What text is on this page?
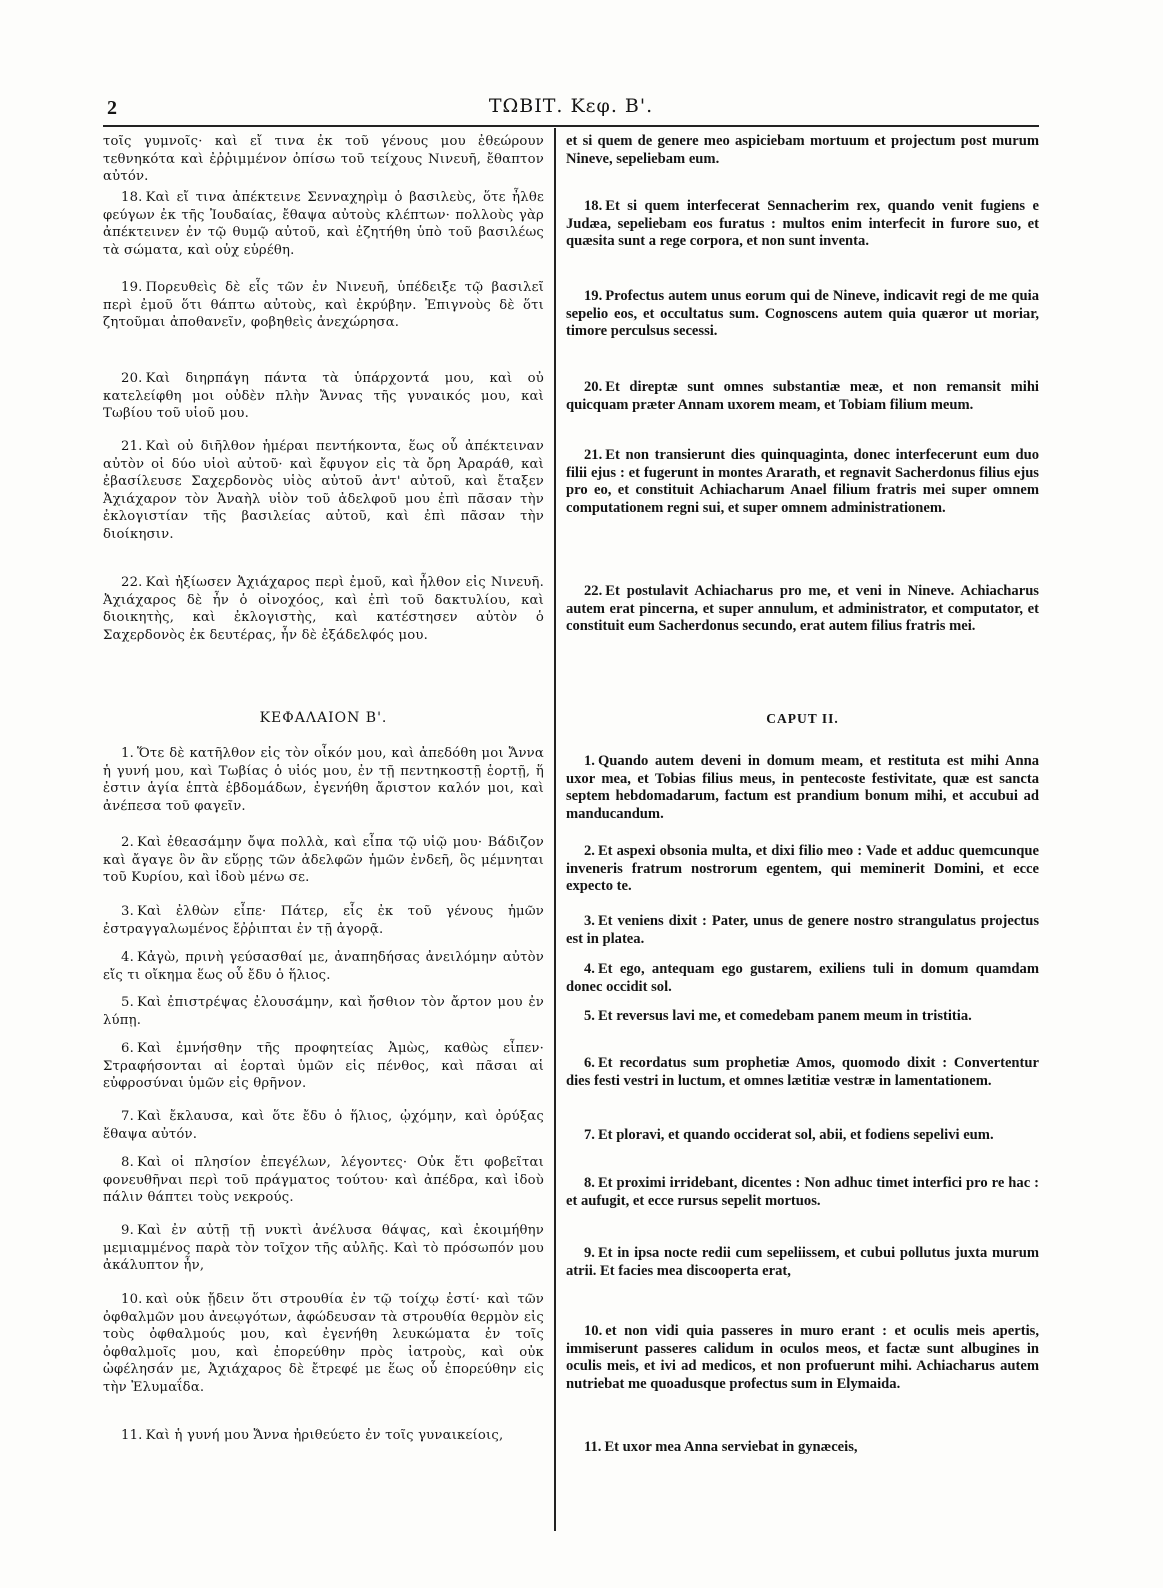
2	ΤΩΒΙΤ. Κεφ. Β'.
τοῖς γυμνοῖς· καὶ εἴ τινα ἐκ τοῦ γένους μου ἐθεώρουν τεθνηκότα καὶ ἐῤῥιμμένον ὀπίσω τοῦ τείχους Νινευῆ, ἔθαπτον αὐτόν.
18. Καὶ εἴ τινα ἀπέκτεινε Σενναχηρὶμ ὁ βασιλεὺς, ὅτε ἦλθε φεύγων ἐκ τῆς Ἰουδαίας, ἔθαψα αὐτοὺς κλέπτων· πολλοὺς γὰρ ἀπέκτεινεν ἐν τῷ θυμῷ αὐτοῦ, καὶ ἐζητήθη ὑπὸ τοῦ βασιλέως τὰ σώματα, καὶ οὐχ εὑρέθη.
19. Πορευθεὶς δὲ εἷς τῶν ἐν Νινευῆ, ὑπέδειξε τῷ βασιλεῖ περὶ ἐμοῦ ὅτι θάπτω αὐτοὺς, καὶ ἐκρύβην. Ἐπιγνοὺς δὲ ὅτι ζητοῦμαι ἀποθανεῖν, φοβηθεὶς ἀνεχώρησα.
20. Καὶ διηρπάγη πάντα τὰ ὑπάρχοντά μου, καὶ οὐ κατελείφθη μοι οὐδὲν πλὴν Ἄννας τῆς γυναικός μου, καὶ Τωβίου τοῦ υἱοῦ μου.
21. Καὶ οὐ διῆλθον ἡμέραι πεντήκοντα, ἕως οὗ ἀπέκτειναν αὐτὸν οἱ δύο υἱοὶ αὐτοῦ· καὶ ἔφυγον εἰς τὰ ὄρη Ἀραράθ, καὶ ἐβασίλευσε Σαχερδονὸς υἱὸς αὐτοῦ ἀντ' αὐτοῦ, καὶ ἔταξεν Ἀχιάχαρον τὸν Ἀναὴλ υἱὸν τοῦ ἀδελφοῦ μου ἐπὶ πᾶσαν τὴν ἐκλογιστίαν τῆς βασιλείας αὐτοῦ, καὶ ἐπὶ πᾶσαν τὴν διοίκησιν.
22. Καὶ ἠξίωσεν Ἀχιάχαρος περὶ ἐμοῦ, καὶ ἦλθον εἰς Νινευῆ. Ἀχιάχαρος δὲ ἦν ὁ οἰνοχόος, καὶ ἐπὶ τοῦ δακτυλίου, καὶ διοικητὴς, καὶ ἐκλογιστὴς, καὶ κατέστησεν αὐτὸν ὁ Σαχερδονὸς ἐκ δευτέρας, ἦν δὲ ἐξάδελφός μου.
ΚΕΦΑΛΑΙΟΝ Β'.
1. Ὅτε δὲ κατῆλθον εἰς τὸν οἶκόν μου, καὶ ἀπεδόθη μοι Ἄννα ἡ γυνή μου, καὶ Τωβίας ὁ υἱός μου, ἐν τῇ πεντηκοστῇ ἑορτῇ, ἥ ἐστιν ἁγία ἑπτὰ ἑβδομάδων, ἐγενήθη ἄριστον καλόν μοι, καὶ ἀνέπεσα τοῦ φαγεῖν.
2. Καὶ ἐθεασάμην ὄψα πολλὰ, καὶ εἶπα τῷ υἱῷ μου· Βάδιζον καὶ ἄγαγε ὃν ἂν εὕρῃς τῶν ἀδελφῶν ἡμῶν ἐνδεῆ, ὃς μέμνηται τοῦ Κυρίου, καὶ ἰδοὺ μένω σε.
3. Καὶ ἐλθὼν εἶπε· Πάτερ, εἷς ἐκ τοῦ γένους ἡμῶν ἐστραγγαλωμένος ἔῤῥιπται ἐν τῇ ἀγορᾷ.
4. Κἀγὼ, πρινὴ γεύσασθαί με, ἀναπηδήσας ἀνειλόμην αὐτὸν εἴς τι οἴκημα ἕως οὗ ἔδυ ὁ ἥλιος.
5. Καὶ ἐπιστρέψας ἐλουσάμην, καὶ ἤσθιον τὸν ἄρτον μου ἐν λύπῃ.
6. Καὶ ἐμνήσθην τῆς προφητείας Ἀμὼς, καθὼς εἶπεν· Στραφήσονται αἱ ἑορταὶ ὑμῶν εἰς πένθος, καὶ πᾶσαι αἱ εὐφροσύναι ὑμῶν εἰς θρῆνον.
7. Καὶ ἔκλαυσα, καὶ ὅτε ἔδυ ὁ ἥλιος, ᾠχόμην, καὶ ὀρύξας ἔθαψα αὐτόν.
8. Καὶ οἱ πλησίον ἐπεγέλων, λέγοντες· Οὐκ ἔτι φοβεῖται φονευθῆναι περὶ τοῦ πράγματος τούτου· καὶ ἀπέδρα, καὶ ἰδοὺ πάλιν θάπτει τοὺς νεκρούς.
9. Καὶ ἐν αὐτῇ τῇ νυκτὶ ἀνέλυσα θάψας, καὶ ἐκοιμήθην μεμιαμμένος παρὰ τὸν τοῖχον τῆς αὐλῆς. Καὶ τὸ πρόσωπόν μου ἀκάλυπτον ἦν,
10. καὶ οὐκ ᾔδειν ὅτι στρουθία ἐν τῷ τοίχῳ ἐστί· καὶ τῶν ὀφθαλμῶν μου ἀνεῳγότων, ἀφώδευσαν τὰ στρουθία θερμὸν εἰς τοὺς ὀφθαλμούς μου, καὶ ἐγενήθη λευκώματα ἐν τοῖς ὀφθαλμοῖς μου, καὶ ἐπορεύθην πρὸς ἰατροὺς, καὶ οὐκ ὠφέλησάν με, Ἀχιάχαρος δὲ ἔτρεφέ με ἕως οὗ ἐπορεύθην εἰς τὴν Ἐλυμαΐδα.
11. Καὶ ἡ γυνή μου Ἄννα ἠριθεύετο ἐν τοῖς γυναικείοις,
et si quem de genere meo aspiciebam mortuum et projectum post murum Nineve, sepeliebam eum.
18. Et si quem interfecerat Sennacherim rex, quando venit fugiens e Judæa, sepeliebam eos furatus : multos enim interfecit in furore suo, et quæsita sunt a rege corpora, et non sunt inventa.
19. Profectus autem unus eorum qui de Nineve, indicavit regi de me quia sepelio eos, et occultatus sum. Cognoscens autem quia quæror ut moriar, timore perculsus secessi.
20. Et direptæ sunt omnes substantiæ meæ, et non remansit mihi quicquam præter Annam uxorem meam, et Tobiam filium meum.
21. Et non transierunt dies quinquaginta, donec interfecerunt eum duo filii ejus : et fugerunt in montes Ararath, et regnavit Sacherdonus filius ejus pro eo, et constituit Achiacharum Anael filium fratris mei super omnem computationem regni sui, et super omnem administrationem.
22. Et postulavit Achiacharus pro me, et veni in Nineve. Achiacharus autem erat pincerna, et super annulum, et administrator, et computator, et constituit eum Sacherdonus secundo, erat autem filius fratris mei.
CAPUT II.
1. Quando autem deveni in domum meam, et restituta est mihi Anna uxor mea, et Tobias filius meus, in pentecoste festivitate, quæ est sancta septem hebdomadarum, factum est prandium bonum mihi, et accubui ad manducandum.
2. Et aspexi obsonia multa, et dixi filio meo : Vade et adduc quemcunque inveneris fratrum nostrorum egentem, qui meminerit Domini, et ecce expecto te.
3. Et veniens dixit : Pater, unus de genere nostro strangulatus projectus est in platea.
4. Et ego, antequam ego gustarem, exiliens tuli in domum quamdam donec occidit sol.
5. Et reversus lavi me, et comedebam panem meum in tristitia.
6. Et recordatus sum prophetiæ Amos, quomodo dixit : Convertentur dies festi vestri in luctum, et omnes lætitiæ vestræ in lamentationem.
7. Et ploravi, et quando occiderat sol, abii, et fodiens sepelivi eum.
8. Et proximi irridebant, dicentes : Non adhuc timet interfici pro re hac : et aufugit, et ecce rursus sepelit mortuos.
9. Et in ipsa nocte redii cum sepeliissem, et cubui pollutus juxta murum atrii. Et facies mea discooperta erat,
10. et non vidi quia passeres in muro erant : et oculis meis apertis, immiserunt passeres calidum in oculos meos, et factæ sunt albugines in oculis meis, et ivi ad medicos, et non profuerunt mihi. Achiacharus autem nutriebat me quoadusque profectus sum in Elymaida.
11. Et uxor mea Anna serviebat in gynæceis,
